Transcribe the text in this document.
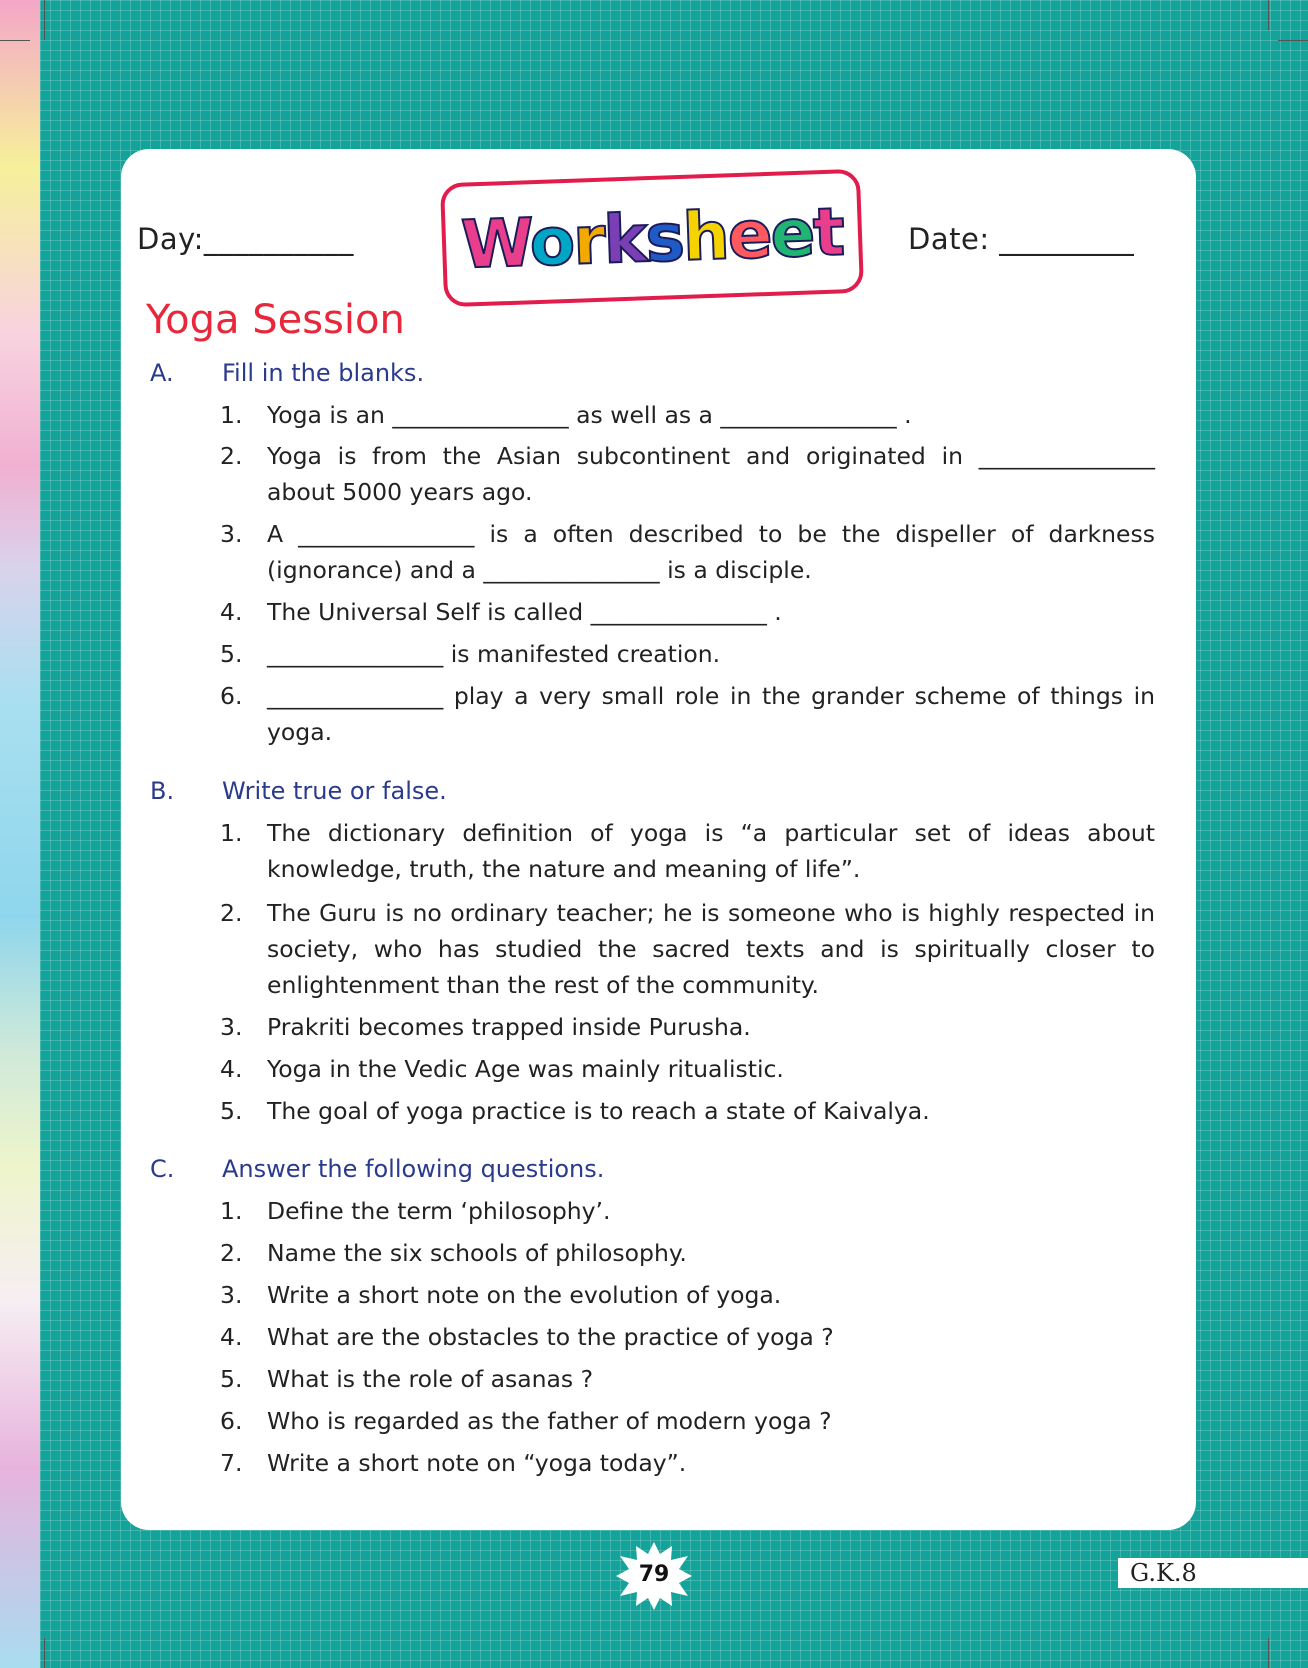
Day:__________	Date: _________
Worksheet
Yoga Session
A. Fill in the blanks.
1.	Yoga is an _______________ as well as a _______________ .
2.	Yoga is from the Asian subcontinent and originated in _______________ about 5000 years ago.
3.	A _______________ is a often described to be the dispeller of darkness (ignorance) and a _______________ is a disciple.
4.	The Universal Self is called _______________ .
5.	_______________ is manifested creation.
6.	_______________ play a very small role in the grander scheme of things in yoga.
B. Write true or false.
1.	The dictionary definition of yoga is “a particular set of ideas about knowledge, truth, the nature and meaning of life”.
2.	The Guru is no ordinary teacher; he is someone who is highly respected in society, who has studied the sacred texts and is spiritually closer to enlightenment than the rest of the community.
3.	Prakriti becomes trapped inside Purusha.
4.	Yoga in the Vedic Age was mainly ritualistic.
5.	The goal of yoga practice is to reach a state of Kaivalya.
C. Answer the following questions.
1.	Define the term ‘philosophy’.
2.	Name the six schools of philosophy.
3.	Write a short note on the evolution of yoga.
4.	What are the obstacles to the practice of yoga ?
5.	What is the role of asanas ?
6.	Who is regarded as the father of modern yoga ?
7.	Write a short note on “yoga today”.
79	G.K.8
